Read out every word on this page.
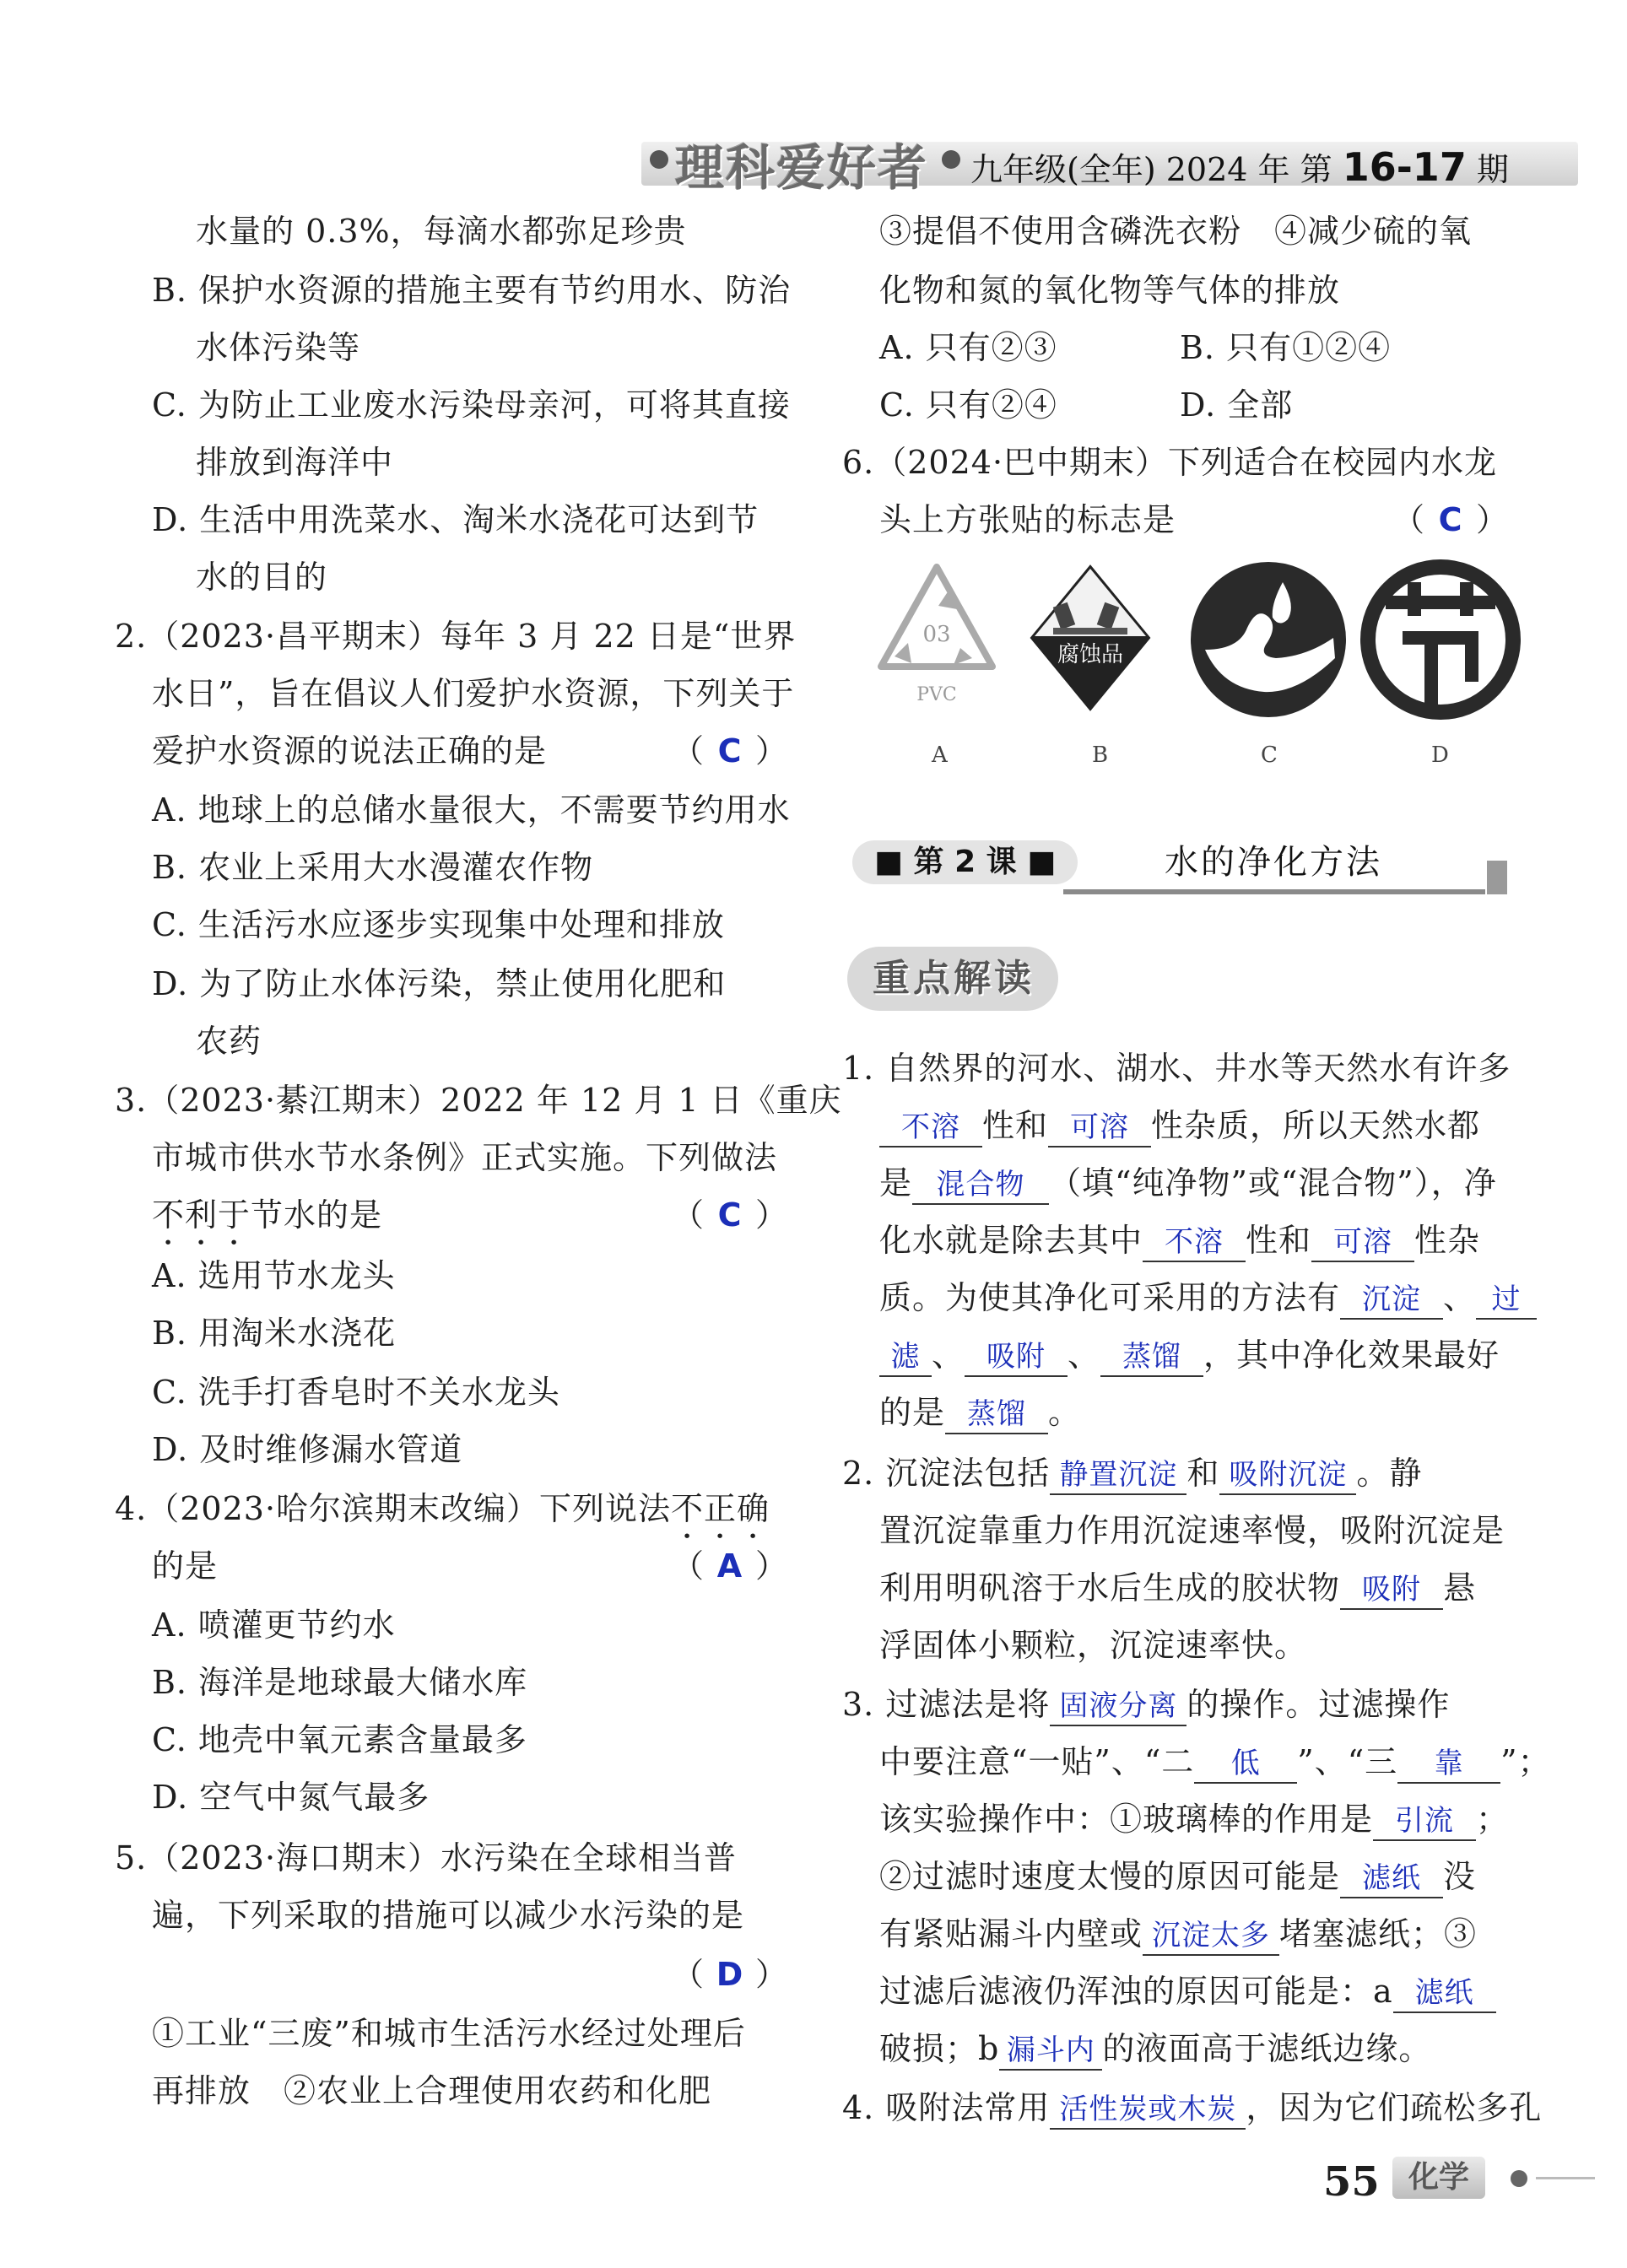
理科爱好者 九年级(全年) 2024 年 第 16-17 期
水量的 0.3%，每滴水都弥足珍贵
B. 保护水资源的措施主要有节约用水、防治
水体污染等
C. 为防止工业废水污染母亲河，可将其直接
排放到海洋中
D. 生活中用洗菜水、淘米水浇花可达到节
水的目的
2.（2023·昌平期末）每年 3 月 22 日是“世界
水日”，旨在倡议人们爱护水资源，下列关于
爱护水资源的说法正确的是	（ C ）
A. 地球上的总储水量很大，不需要节约用水
B. 农业上采用大水漫灌农作物
C. 生活污水应逐步实现集中处理和排放
D. 为了防止水体污染，禁止使用化肥和
农药
3.（2023·綦江期末）2022 年 12 月 1 日《重庆
市城市供水节水条例》正式实施。下列做法
不利于节水的是	（ C ）
A. 选用节水龙头
B. 用淘米水浇花
C. 洗手打香皂时不关水龙头
D. 及时维修漏水管道
4.（2023·哈尔滨期末改编）下列说法不正确
的是	（ A ）
A. 喷灌更节约水
B. 海洋是地球最大储水库
C. 地壳中氧元素含量最多
D. 空气中氮气最多
5.（2023·海口期末）水污染在全球相当普
遍，下列采取的措施可以减少水污染的是
（ D ）
①工业“三废”和城市生活污水经过处理后
再排放　②农业上合理使用农药和化肥
③提倡不使用含磷洗衣粉　④减少硫的氧
化物和氮的氧化物等气体的排放
A. 只有②③	B. 只有①②④
C. 只有②④	D. 全部
6.（2024·巴中期末）下列适合在校园内水龙
头上方张贴的标志是	（ C ）
03
PVC
腐蚀品
A	B	C	D
■ 第 2 课 ■	水的净化方法
重点解读
1. 自然界的河水、湖水、井水等天然水有许多
不溶 性和 可溶 性杂质，所以天然水都
是 混合物 （填“纯净物”或“混合物”），净
化水就是除去其中 不溶 性和 可溶 性杂
质。为使其净化可采用的方法有 沉淀 、 过
滤 、 吸附 、 蒸馏 ，其中净化效果最好
的是 蒸馏 。
2. 沉淀法包括 静置沉淀 和 吸附沉淀 。静
置沉淀靠重力作用沉淀速率慢，吸附沉淀是
利用明矾溶于水后生成的胶状物 吸附 悬
浮固体小颗粒，沉淀速率快。
3. 过滤法是将 固液分离 的操作。过滤操作
中要注意“一贴”、“二 低 ”、“三 靠 ”；
该实验操作中：①玻璃棒的作用是 引流 ；
②过滤时速度太慢的原因可能是 滤纸 没
有紧贴漏斗内壁或 沉淀太多 堵塞滤纸；③
过滤后滤液仍浑浊的原因可能是：a 滤纸
破损；b 漏斗内 的液面高于滤纸边缘。
4. 吸附法常用 活性炭或木炭 ，因为它们疏松多孔
55 化学
